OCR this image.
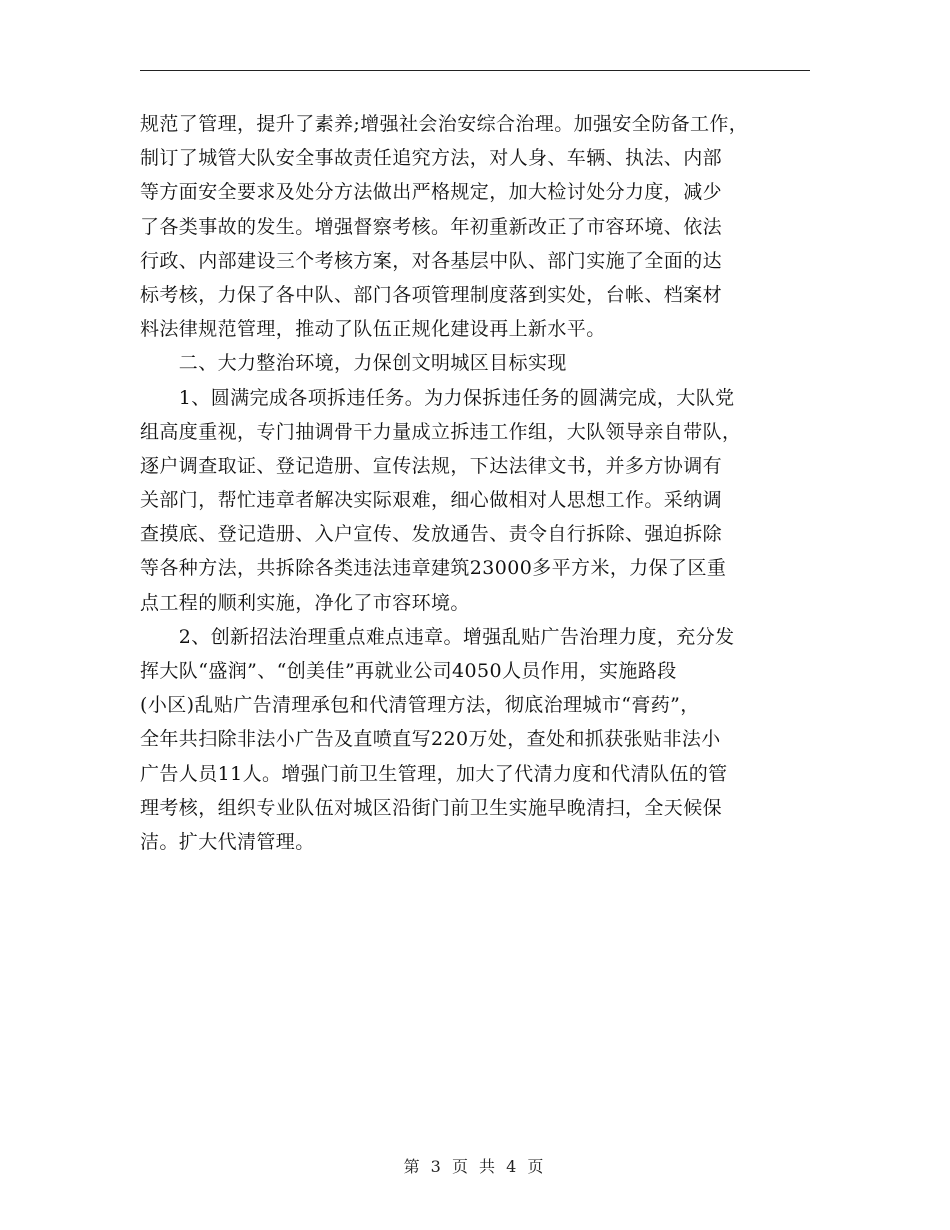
规范了管理，提升了素养;增强社会治安综合治理。加强安全防备工作，
制订了城管大队安全事故责任追究方法，对人身、车辆、执法、内部
等方面安全要求及处分方法做出严格规定，加大检讨处分力度，减少
了各类事故的发生。增强督察考核。年初重新改正了市容环境、依法
行政、内部建设三个考核方案，对各基层中队、部门实施了全面的达
标考核，力保了各中队、部门各项管理制度落到实处，台帐、档案材
料法律规范管理，推动了队伍正规化建设再上新水平。
　　二、大力整治环境，力保创文明城区目标实现
　　1、圆满完成各项拆违任务。为力保拆违任务的圆满完成，大队党
组高度重视，专门抽调骨干力量成立拆违工作组，大队领导亲自带队，
逐户调查取证、登记造册、宣传法规，下达法律文书，并多方协调有
关部门，帮忙违章者解决实际艰难，细心做相对人思想工作。采纳调
查摸底、登记造册、入户宣传、发放通告、责令自行拆除、强迫拆除
等各种方法，共拆除各类违法违章建筑23000多平方米，力保了区重
点工程的顺利实施，净化了市容环境。
　　2、创新招法治理重点难点违章。增强乱贴广告治理力度，充分发
挥大队“盛润”、“创美佳”再就业公司4050人员作用，实施路段
(小区)乱贴广告清理承包和代清管理方法，彻底治理城市“膏药”，
全年共扫除非法小广告及直喷直写220万处，查处和抓获张贴非法小
广告人员11人。增强门前卫生管理，加大了代清力度和代清队伍的管
理考核，组织专业队伍对城区沿街门前卫生实施早晚清扫，全天候保
洁。扩大代清管理。
第 3 页 共 4 页
